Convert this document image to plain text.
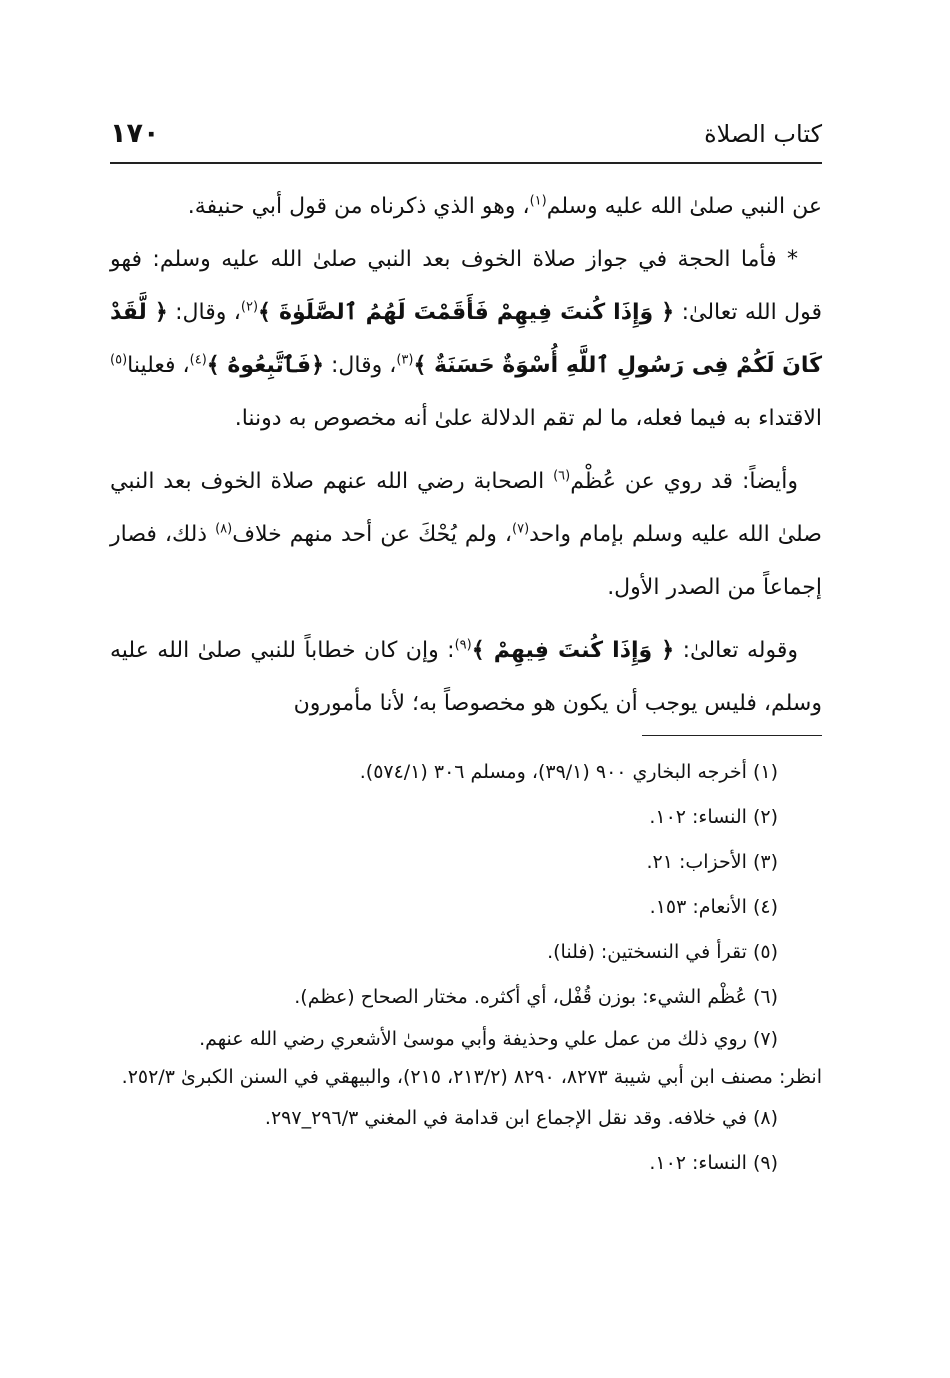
كتاب الصلاة
١٧٠

عن النبي صلىٰ الله عليه وسلم$^{(١)}$، وهو الذي ذكرناه من قول أبي حنيفة.

* فأما الحجة في جواز صلاة الخوف بعد النبي صلىٰ الله عليه وسلم: فهو قول الله تعالىٰ: ﴿ وَإِذَا كُنتَ فِيهِمْ فَأَقَمْتَ لَهُمُ ٱلصَّلَوٰةَ ﴾$^{(٢)}$، وقال: ﴿ لَّقَدْ كَانَ لَكُمْ فِى رَسُولِ ٱللَّهِ أُسْوَةٌ حَسَنَةٌ ﴾$^{(٣)}$، وقال: ﴿فَٱتَّبِعُوهُ ﴾$^{(٤)}$، فعلينا$^{(٥)}$ الاقتداء به فيما فعله، ما لم تقم الدلالة علىٰ أنه مخصوص به دوننا.

وأيضاً: قد روي عن عُظْم$^{(٦)}$ الصحابة رضي الله عنهم صلاة الخوف بعد النبي صلىٰ الله عليه وسلم بإمام واحد$^{(٧)}$، ولم يُحْكَ عن أحد منهم خلاف$^{(٨)}$ ذلك، فصار إجماعاً من الصدر الأول.

وقوله تعالىٰ: ﴿ وَإِذَا كُنتَ فِيهِمْ ﴾$^{(٩)}$: وإن كان خطاباً للنبي صلىٰ الله عليه وسلم، فليس يوجب أن يكون هو مخصوصاً به؛ لأنا مأمورون

(١) أخرجه البخاري ٩٠٠ (٣٩/١)، ومسلم ٣٠٦ (٥٧٤/١).

(٢) النساء: ١٠٢.

(٣) الأحزاب: ٢١.

(٤) الأنعام: ١٥٣.

(٥) تقرأ في النسختين: (فلنا).

(٦) عُظْم الشيء: بوزن قُفْل، أي أكثره. مختار الصحاح (عظم).

(٧) روي ذلك من عمل علي وحذيفة وأبي موسىٰ الأشعري رضي الله عنهم.

انظر: مصنف ابن أبي شيبة ٨٢٧٣، ٨٢٩٠ (٢١٣/٢، ٢١٥)، والبيهقي في السنن الكبرىٰ ٢٥٢/٣.

(٨) في خلافه. وقد نقل الإجماع ابن قدامة في المغني ٢٩٦/٣_٢٩٧.

(٩) النساء: ١٠٢.
